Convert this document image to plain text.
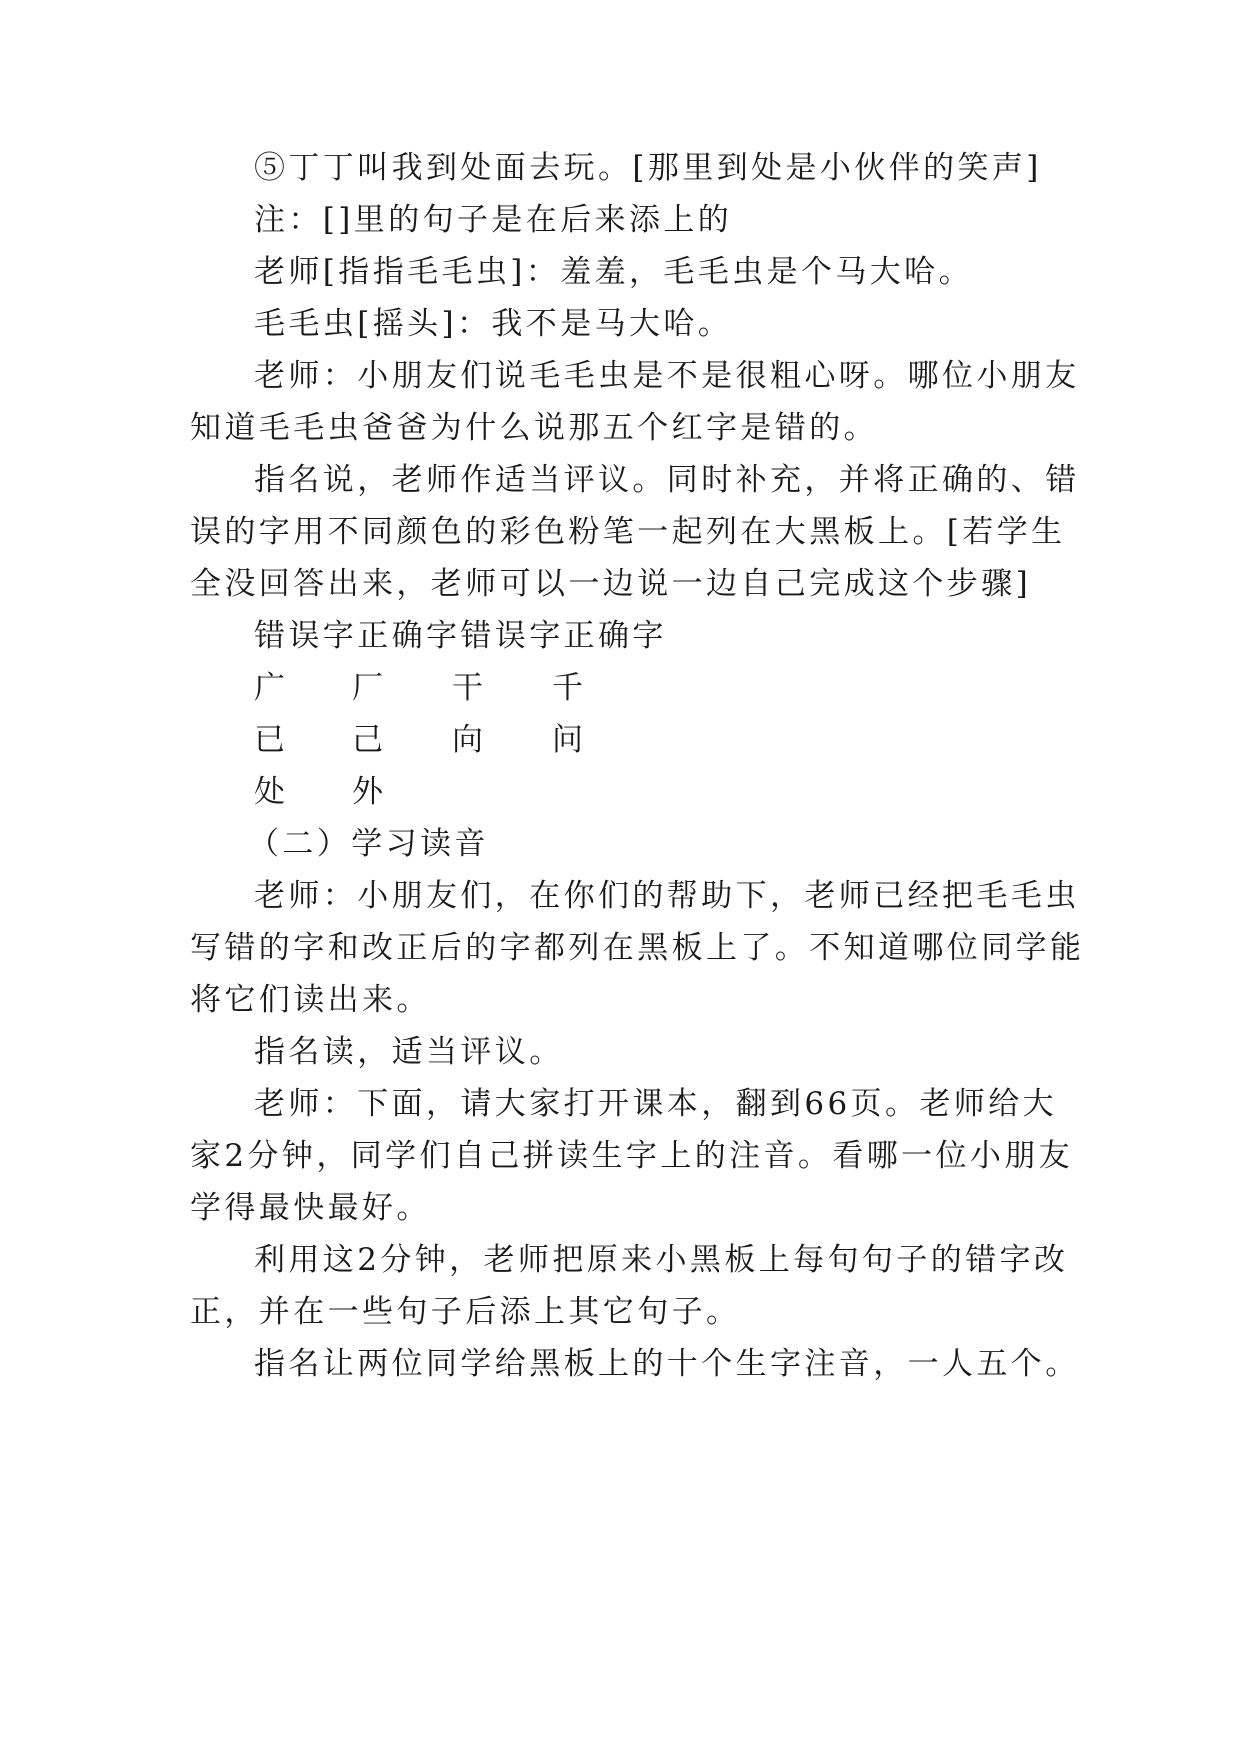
⑤丁丁叫我到处面去玩。[那里到处是小伙伴的笑声]
注：[]里的句子是在后来添上的
老师[指指毛毛虫]：羞羞，毛毛虫是个马大哈。
毛毛虫[摇头]：我不是马大哈。
老师：小朋友们说毛毛虫是不是很粗心呀。哪位小朋友
知道毛毛虫爸爸为什么说那五个红字是错的。
指名说，老师作适当评议。同时补充，并将正确的、错
误的字用不同颜色的彩色粉笔一起列在大黑板上。[若学生
全没回答出来，老师可以一边说一边自己完成这个步骤]
错误字正确字错误字正确字
广 厂 干 千
已 己 向 问
处 外
（二）学习读音
老师：小朋友们，在你们的帮助下，老师已经把毛毛虫
写错的字和改正后的字都列在黑板上了。不知道哪位同学能
将它们读出来。
指名读，适当评议。
老师：下面，请大家打开课本，翻到66页。老师给大
家2分钟，同学们自己拼读生字上的注音。看哪一位小朋友
学得最快最好。
利用这2分钟，老师把原来小黑板上每句句子的错字改
正，并在一些句子后添上其它句子。
指名让两位同学给黑板上的十个生字注音，一人五个。
